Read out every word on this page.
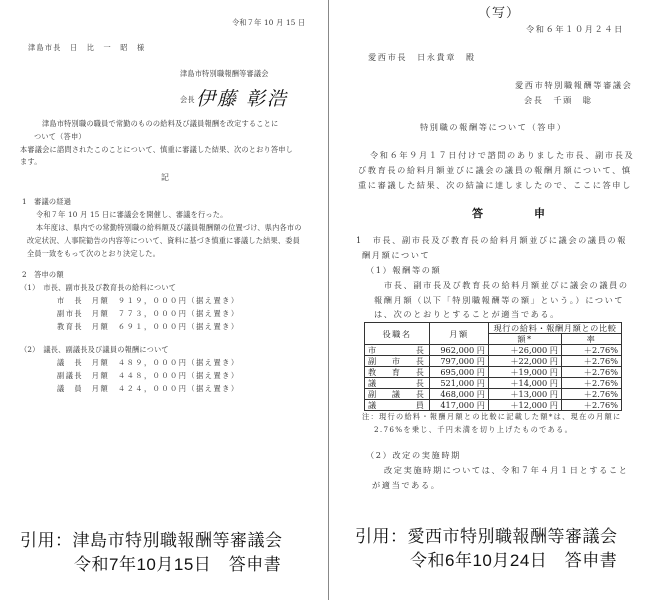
令和７年 10 月 15 日
津島市長　日　比　一　昭　様
津島市特別職報酬等審議会
会長 伊藤 彰浩
津島市特別職の職員で常勤のものの給料及び議員報酬を改定することに
ついて（答申）
本審議会に諮問されたこのことについて、慎重に審議した結果、次のとおり答申し
ます。
記
1　審議の経過
令和７年 10 月 15 日に審議会を開催し、審議を行った。
本年度は、県内での常勤特別職の給料額及び議員報酬額の位置づけ、県内各市の
改定状況、人事院勧告の内容等について、資料に基づき慎重に審議した結果、委員
全員一致をもって次のとおり決定した。
2　答申の額
（1）　市長、副市長及び教育長の給料について
市　長　 月額　 ９１９，０００円（据え置き）
副市長　 月額　 ７７３，０００円（据え置き）
教育長　 月額　 ６９１，０００円（据え置き）
（2）　議長、副議長及び議員の報酬について
議　長　 月額　 ４８９，０００円（据え置き）
副議長　 月額　 ４４８，０００円（据え置き）
議　員　 月額　 ４２４，０００円（据え置き）
引用：津島市特別職報酬等審議会
令和7年10月15日　答申書
（写）
令和６年１０月２４日
愛西市長　日永貴章　殿
愛西市特別職報酬等審議会
会長　千頭　聡
特別職の報酬等について（答申）
令和６年９月１７日付けで諮問のありました市長、副市長及
び教育長の給料月額並びに議会の議員の報酬月額について、慎
重に審議した結果、次の結論に達しましたので、ここに答申し
答　申
1　市長、副市長及び教育長の給料月額並びに議会の議員の報
酬月額について
（1）報酬等の額
市長、副市長及び教育長の給料月額並びに議会の議員の
報酬月額（以下「特別職報酬等の額」という。）について
は、次のとおりとすることが適当である。
役職名	月額	現行の給料・報酬月額との比較	
		額*	率
市長	962,000 円	＋26,000 円	＋2.76%
副市長	797,000 円	＋22,000 円	＋2.76%
教育長	695,000 円	＋19,000 円	＋2.76%
議長	521,000 円	＋14,000 円	＋2.76%
副議長	468,000 円	＋13,000 円	＋2.76%
議員	417,000 円	＋12,000 円	＋2.76%
注：現行の給料・報酬月額との比較に記載した額*は、現在の月額に
2.76%を乗じ、千円未満を切り上げたものである。
（2）改定の実施時期
改定実施時期については、令和７年４月１日とすること
が適当である。
引用：愛西市特別職報酬等審議会
令和6年10月24日　答申書
